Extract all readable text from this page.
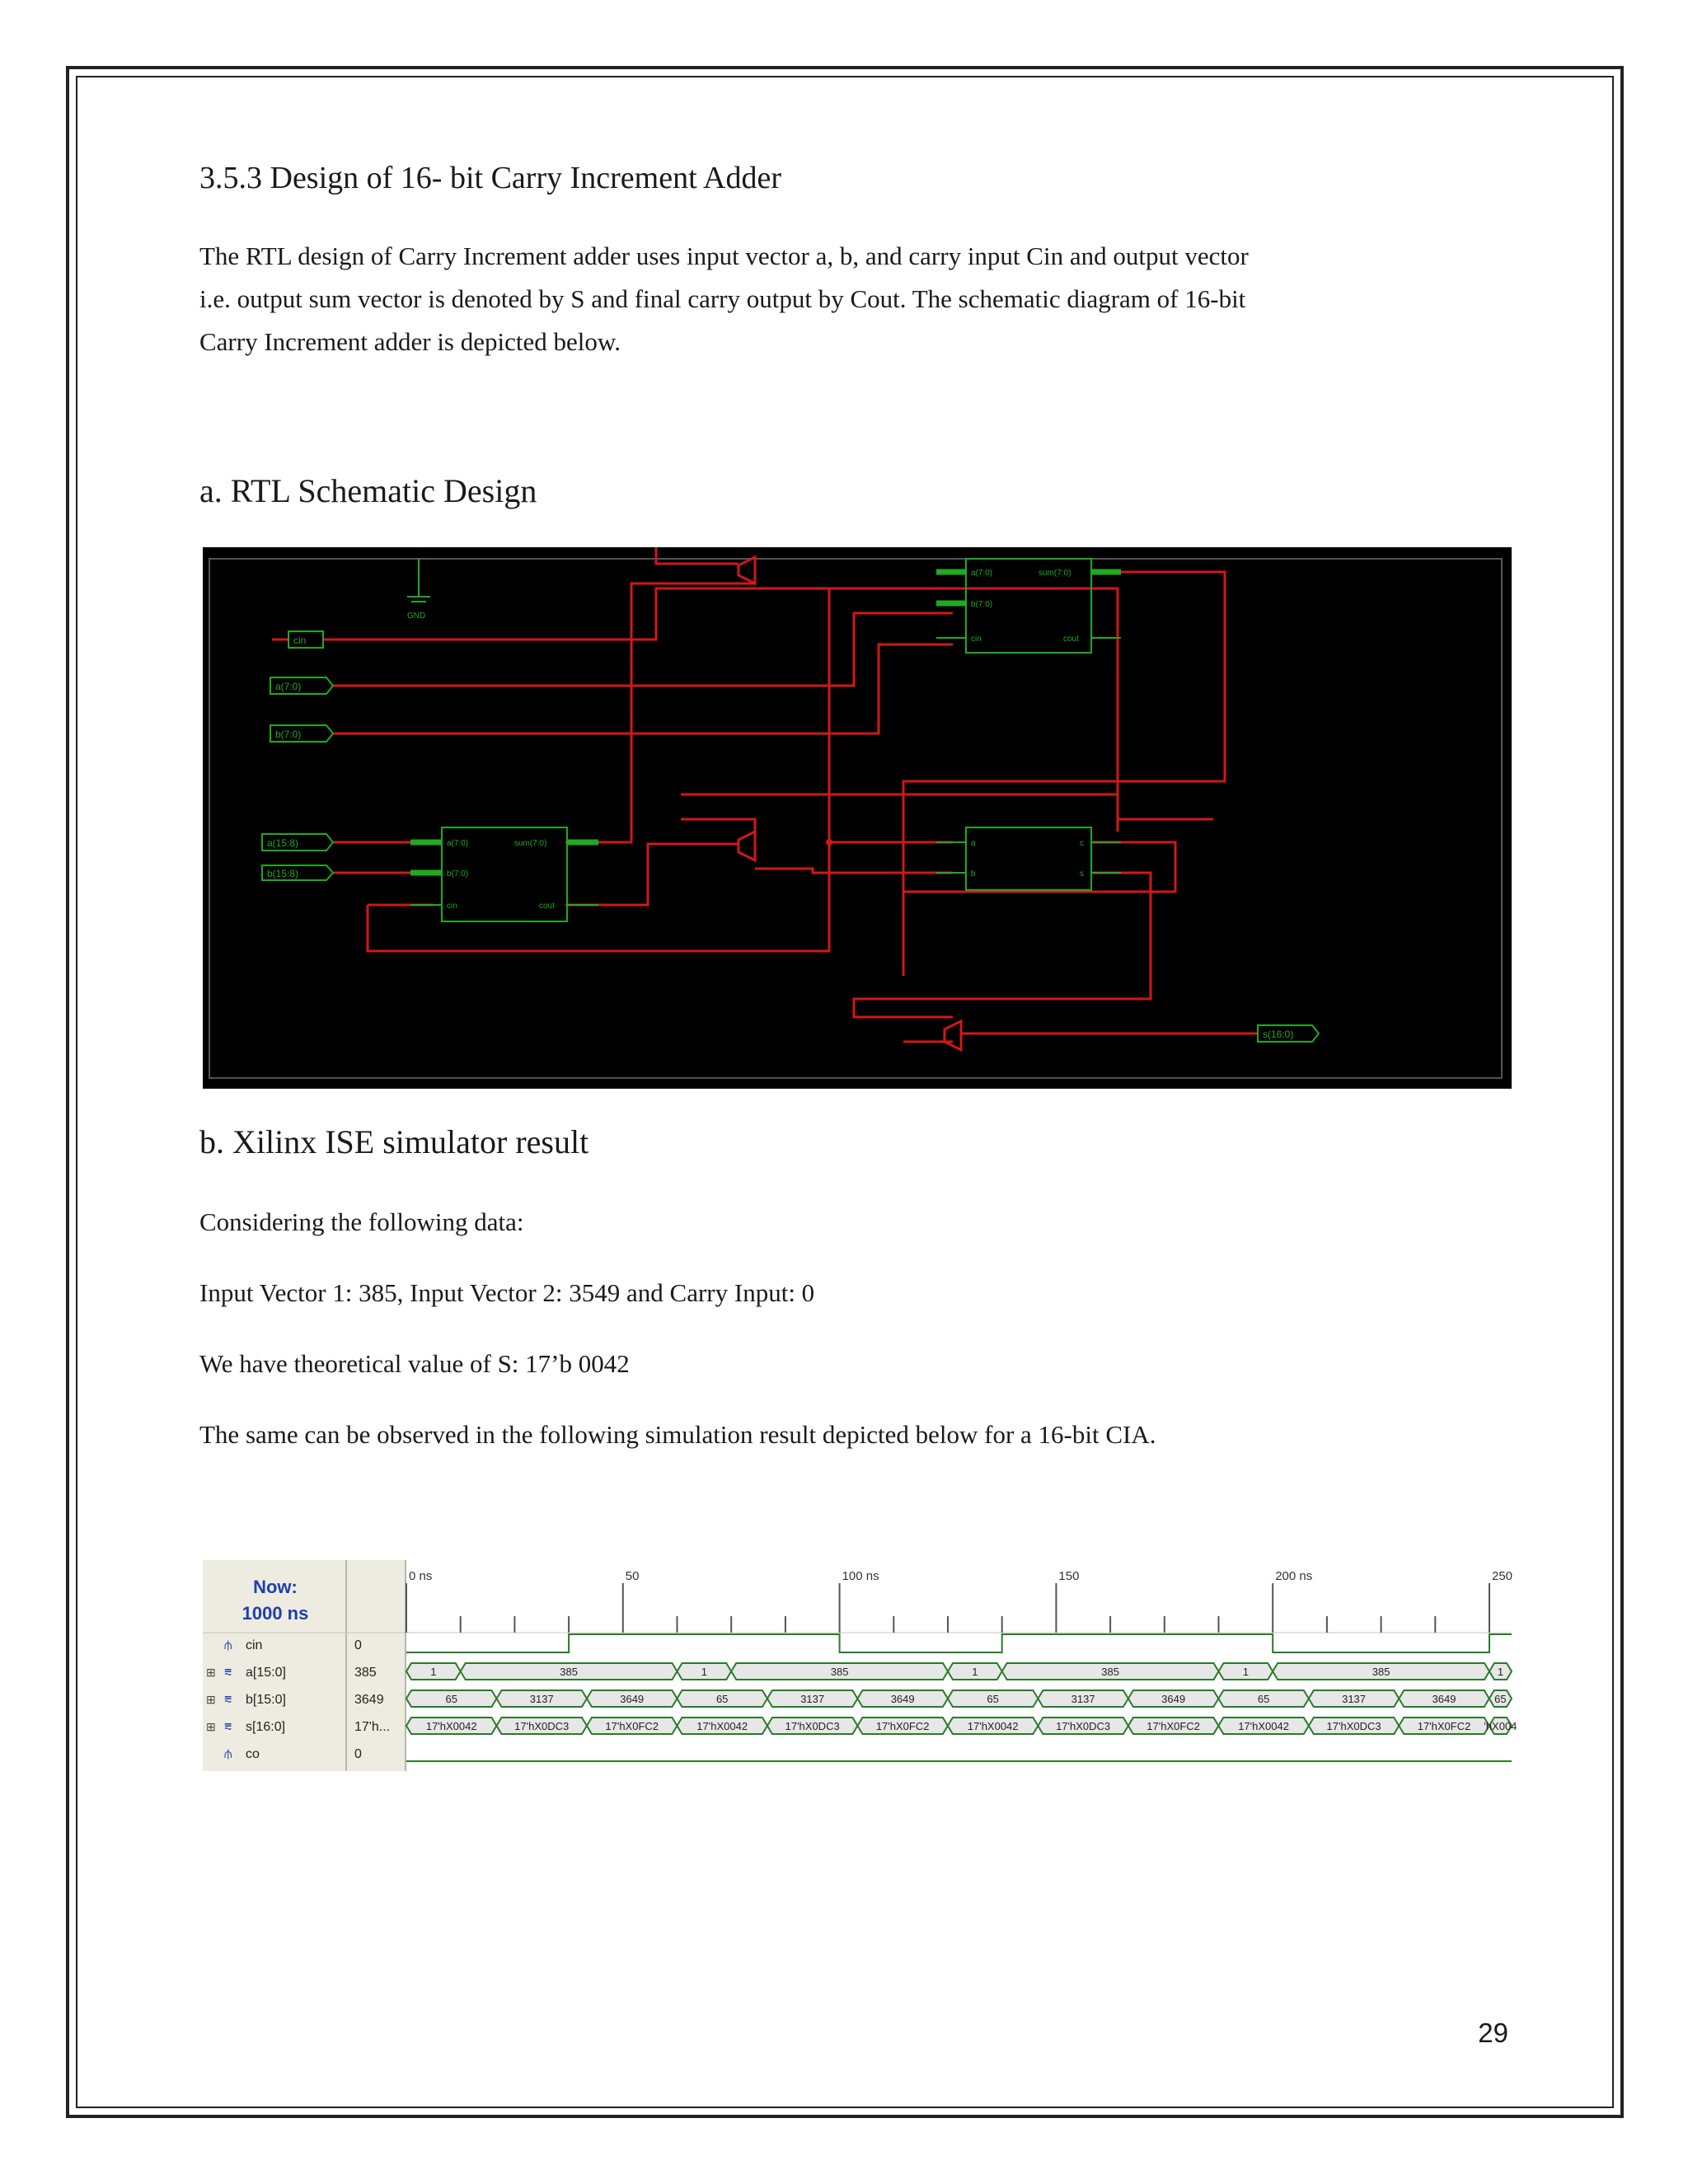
3.5.3 Design of 16- bit Carry Increment Adder
The RTL design of Carry Increment adder uses input vector a, b, and carry input Cin and output vector
i.e. output sum vector is denoted by S and final carry output by Cout. The schematic diagram of 16-bit
Carry Increment adder is depicted below.
a. RTL Schematic Design
GND
cin
a(7:0)
b(7:0)
a(15:8)
b(15:8)
s(16:0)
a(7:0)
b(7:0)
cin
sum(7:0)
cout
a(7:0)
b(7:0)
cin
sum(7:0)
cout
a
b
c
s
b. Xilinx ISE simulator result
Considering the following data:
Input Vector 1: 385, Input Vector 2: 3549 and Carry Input: 0
We have theoretical value of S: 17’b 0042
The same can be observed in the following simulation result depicted below for a 16-bit CIA.
Now:
1000 ns
0 ns	50	100 ns	150	200 ns	250
⫛ cin	0
⊞ ⩳ a[15:0]	385	1	385	1	385	1	385	1	385	1
⊞ ⩳ b[15:0]	3649	65	3137	3649	65	3137	3649	65	3137	3649	65	3137	3649	65
⊞ ⩳ s[16:0]	17'h...	17'hX0042	17'hX0DC3	17'hX0FC2	17'hX0042	17'hX0DC3	17'hX0FC2	17'hX0042	17'hX0DC3	17'hX0FC2	17'hX0042	17'hX0DC3	17'hX0FC2 'hX004
⫛ co	0
29
